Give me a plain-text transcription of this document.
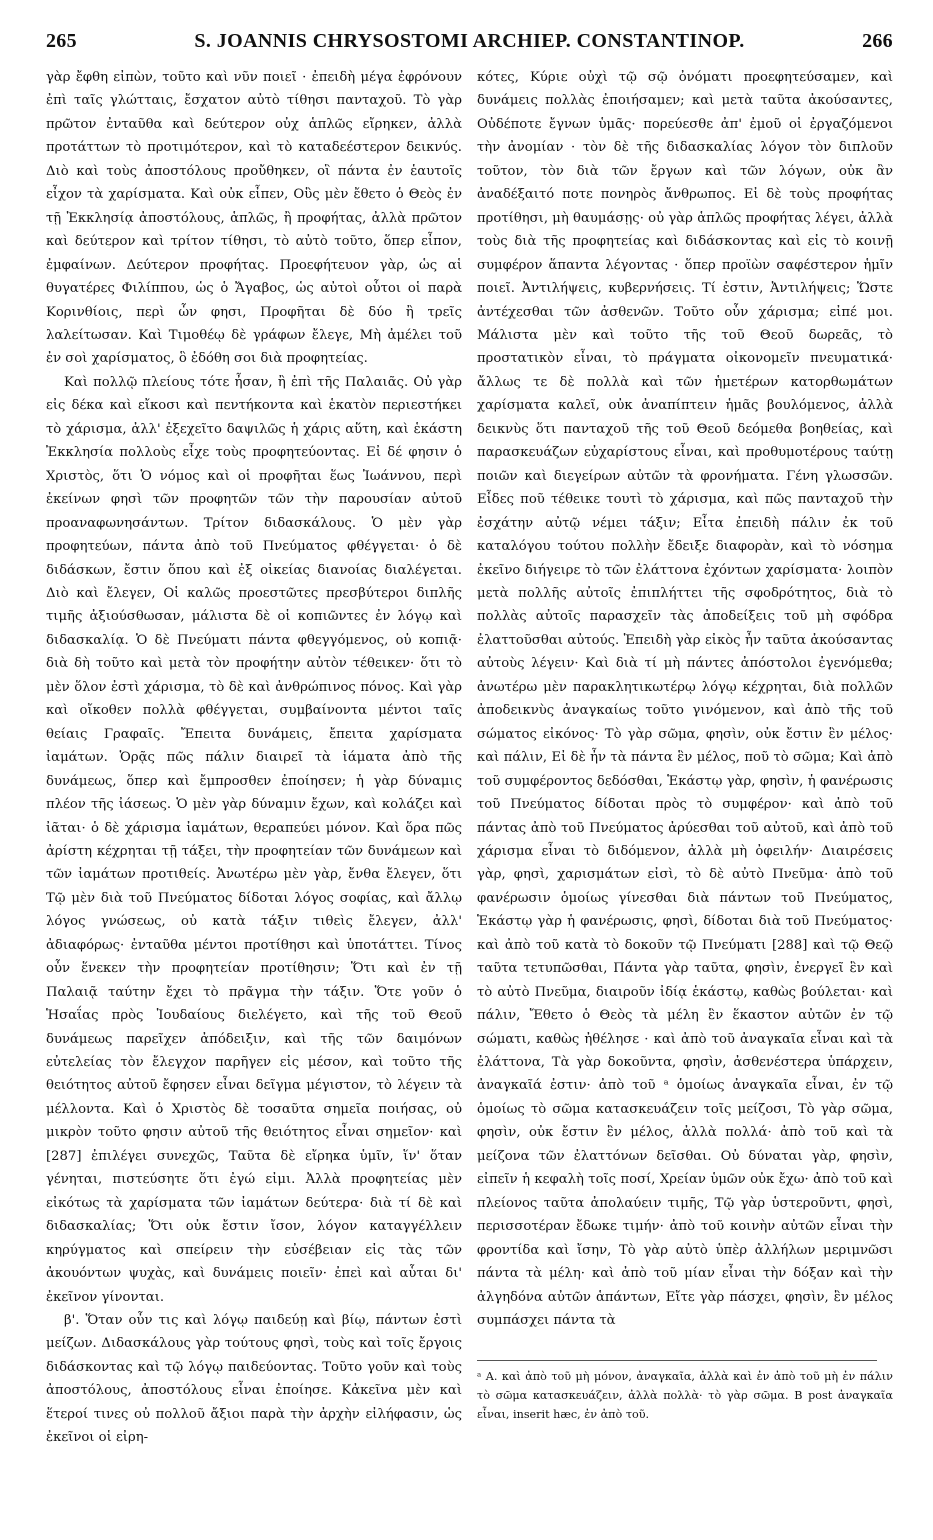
265	S. JOANNIS CHRYSOSTOMI ARCHIEP. CONSTANTINOP.	266

γὰρ ἔφθη εἰπὼν, τοῦτο καὶ νῦν ποιεῖ · ἐπειδὴ μέγα ἐφρόνουν ἐπὶ ταῖς γλώτταις, ἔσχατον αὐτὸ τίθησι πανταχοῦ. Τὸ γὰρ πρῶτον ἐνταῦθα καὶ δεύτερον οὐχ ἁπλῶς εἴρηκεν, ἀλλὰ προτάττων τὸ προτιμότερον, καὶ τὸ καταδεέστερον δεικνύς. Διὸ καὶ τοὺς ἀποστόλους προὔθηκεν, οἳ πάντα ἐν ἑαυτοῖς εἶχον τὰ χαρίσματα. Καὶ οὐκ εἶπεν, Οὓς μὲν ἔθετο ὁ Θεὸς ἐν τῇ Ἐκκλησίᾳ ἀποστόλους, ἁπλῶς, ἢ προφήτας, ἀλλὰ πρῶτον καὶ δεύτερον καὶ τρίτον τίθησι, τὸ αὐτὸ τοῦτο, ὅπερ εἶπον, ἐμφαίνων. Δεύτερον προφήτας. Προεφήτευον γὰρ, ὡς αἱ θυγατέρες Φιλίππου, ὡς ὁ Ἄγαβος, ὡς αὐτοὶ οὗτοι οἱ παρὰ Κορινθίοις, περὶ ὧν φησι, Προφῆται δὲ δύο ἢ τρεῖς λαλείτωσαν. Καὶ Τιμοθέῳ δὲ γράφων ἔλεγε, Μὴ ἀμέλει τοῦ ἐν σοὶ χαρίσματος, ὃ ἐδόθη σοι διὰ προφητείας.

Καὶ πολλῷ πλείους τότε ἦσαν, ἢ ἐπὶ τῆς Παλαιᾶς. Οὐ γὰρ εἰς δέκα καὶ εἴκοσι καὶ πεντήκοντα καὶ ἑκατὸν περιεστήκει τὸ χάρισμα, ἀλλ' ἐξεχεῖτο δαψιλῶς ἡ χάρις αὕτη, καὶ ἑκάστη Ἐκκλησία πολλοὺς εἶχε τοὺς προφητεύοντας. Εἰ δέ φησιν ὁ Χριστὸς, ὅτι Ὁ νόμος καὶ οἱ προφῆται ἕως Ἰωάννου, περὶ ἐκείνων φησὶ τῶν προφητῶν τῶν τὴν παρουσίαν αὐτοῦ προαναφωνησάντων. Τρίτον διδασκάλους. Ὁ μὲν γὰρ προφητεύων, πάντα ἀπὸ τοῦ Πνεύματος φθέγγεται· ὁ δὲ διδάσκων, ἔστιν ὅπου καὶ ἐξ οἰκείας διανοίας διαλέγεται. Διὸ καὶ ἔλεγεν, Οἱ καλῶς προεστῶτες πρεσβύτεροι διπλῆς τιμῆς ἀξιούσθωσαν, μάλιστα δὲ οἱ κοπιῶντες ἐν λόγῳ καὶ διδασκαλίᾳ. Ὁ δὲ Πνεύματι πάντα φθεγγόμενος, οὐ κοπιᾷ· διὰ δὴ τοῦτο καὶ μετὰ τὸν προφήτην αὐτὸν τέθεικεν· ὅτι τὸ μὲν ὅλον ἐστὶ χάρισμα, τὸ δὲ καὶ ἀνθρώπινος πόνος. Καὶ γὰρ καὶ οἴκοθεν πολλὰ φθέγγεται, συμβαίνοντα μέντοι ταῖς θείαις Γραφαῖς. Ἔπειτα δυνάμεις, ἔπειτα χαρίσματα ἰαμάτων. Ὁρᾷς πῶς πάλιν διαιρεῖ τὰ ἰάματα ἀπὸ τῆς δυνάμεως, ὅπερ καὶ ἔμπροσθεν ἐποίησεν; ἡ γὰρ δύναμις πλέον τῆς ἰάσεως. Ὁ μὲν γὰρ δύναμιν ἔχων, καὶ κολάζει καὶ ἰᾶται· ὁ δὲ χάρισμα ἰαμάτων, θεραπεύει μόνον. Καὶ ὅρα πῶς ἀρίστη κέχρηται τῇ τάξει, τὴν προφητείαν τῶν δυνάμεων καὶ τῶν ἰαμάτων προτιθείς. Ἀνωτέρω μὲν γὰρ, ἔνθα ἔλεγεν, ὅτι Τῷ μὲν διὰ τοῦ Πνεύματος δίδοται λόγος σοφίας, καὶ ἄλλῳ λόγος γνώσεως, οὐ κατὰ τάξιν τιθεὶς ἔλεγεν, ἀλλ' ἀδιαφόρως· ἐνταῦθα μέντοι προτίθησι καὶ ὑποτάττει. Τίνος οὖν ἕνεκεν τὴν προφητείαν προτίθησιν; Ὅτι καὶ ἐν τῇ Παλαιᾷ ταύτην ἔχει τὸ πρᾶγμα τὴν τάξιν. Ὅτε γοῦν ὁ Ἡσαΐας πρὸς Ἰουδαίους διελέγετο, καὶ τῆς τοῦ Θεοῦ δυνάμεως παρεῖχεν ἀπόδειξιν, καὶ τῆς τῶν δαιμόνων εὐτελείας τὸν ἔλεγχον παρῆγεν εἰς μέσον, καὶ τοῦτο τῆς θειότητος αὐτοῦ ἔφησεν εἶναι δεῖγμα μέγιστον, τὸ λέγειν τὰ μέλλοντα. Καὶ ὁ Χριστὸς δὲ τοσαῦτα σημεῖα ποιήσας, οὐ μικρὸν τοῦτο φησιν αὐτοῦ τῆς θειότητος εἶναι σημεῖον· καὶ [287] ἐπιλέγει συνεχῶς, Ταῦτα δὲ εἴρηκα ὑμῖν, ἵν' ὅταν γένηται, πιστεύσητε ὅτι ἐγώ εἰμι. Ἀλλὰ προφητείας μὲν εἰκότως τὰ χαρίσματα τῶν ἰαμάτων δεύτερα· διὰ τί δὲ καὶ διδασκαλίας; Ὅτι οὐκ ἔστιν ἴσον, λόγον καταγγέλλειν κηρύγματος καὶ σπείρειν τὴν εὐσέβειαν εἰς τὰς τῶν ἀκουόντων ψυχὰς, καὶ δυνάμεις ποιεῖν· ἐπεὶ καὶ αὗται δι' ἐκεῖνον γίνονται.

β'. Ὅταν οὖν τις καὶ λόγῳ παιδεύῃ καὶ βίῳ, πάντων ἐστὶ μείζων. Διδασκάλους γὰρ τούτους φησὶ, τοὺς καὶ τοῖς ἔργοις διδάσκοντας καὶ τῷ λόγῳ παιδεύοντας. Τοῦτο γοῦν καὶ τοὺς ἀποστόλους, ἀποστόλους εἶναι ἐποίησε. Κἀκεῖνα μὲν καὶ ἕτεροί τινες οὐ πολλοῦ ἄξιοι παρὰ τὴν ἀρχὴν εἰλήφασιν, ὡς ἐκεῖνοι οἱ εἰρη-

κότες, Κύριε οὐχὶ τῷ σῷ ὀνόματι προεφητεύσαμεν, καὶ δυνάμεις πολλὰς ἐποιήσαμεν; καὶ μετὰ ταῦτα ἀκούσαντες, Οὐδέποτε ἔγνων ὑμᾶς· πορεύεσθε ἀπ' ἐμοῦ οἱ ἐργαζόμενοι τὴν ἀνομίαν · τὸν δὲ τῆς διδασκαλίας λόγον τὸν διπλοῦν τοῦτον, τὸν διὰ τῶν ἔργων καὶ τῶν λόγων, οὐκ ἂν ἀναδέξαιτό ποτε πονηρὸς ἄνθρωπος. Εἰ δὲ τοὺς προφήτας προτίθησι, μὴ θαυμάσῃς· οὐ γὰρ ἁπλῶς προφήτας λέγει, ἀλλὰ τοὺς διὰ τῆς προφητείας καὶ διδάσκοντας καὶ εἰς τὸ κοινῇ συμφέρον ἅπαντα λέγοντας · ὅπερ προϊὼν σαφέστερον ἡμῖν ποιεῖ. Ἀντιλήψεις, κυβερνήσεις. Τί ἐστιν, Ἀντιλήψεις; Ὥστε ἀντέχεσθαι τῶν ἀσθενῶν. Τοῦτο οὖν χάρισμα; εἰπέ μοι. Μάλιστα μὲν καὶ τοῦτο τῆς τοῦ Θεοῦ δωρεᾶς, τὸ προστατικὸν εἶναι, τὸ πράγματα οἰκονομεῖν πνευματικά· ἄλλως τε δὲ πολλὰ καὶ τῶν ἡμετέρων κατορθωμάτων χαρίσματα καλεῖ, οὐκ ἀναπίπτειν ἡμᾶς βουλόμενος, ἀλλὰ δεικνὺς ὅτι πανταχοῦ τῆς τοῦ Θεοῦ δεόμεθα βοηθείας, καὶ παρασκευάζων εὐχαρίστους εἶναι, καὶ προθυμοτέρους ταύτῃ ποιῶν καὶ διεγείρων αὐτῶν τὰ φρονήματα. Γένη γλωσσῶν. Εἶδες ποῦ τέθεικε τουτὶ τὸ χάρισμα, καὶ πῶς πανταχοῦ τὴν ἐσχάτην αὐτῷ νέμει τάξιν; Εἶτα ἐπειδὴ πάλιν ἐκ τοῦ καταλόγου τούτου πολλὴν ἔδειξε διαφορὰν, καὶ τὸ νόσημα ἐκεῖνο διήγειρε τὸ τῶν ἐλάττονα ἐχόντων χαρίσματα· λοιπὸν μετὰ πολλῆς αὐτοῖς ἐπιπλήττει τῆς σφοδρότητος, διὰ τὸ πολλὰς αὐτοῖς παρασχεῖν τὰς ἀποδείξεις τοῦ μὴ σφόδρα ἐλαττοῦσθαι αὐτούς. Ἐπειδὴ γὰρ εἰκὸς ἦν ταῦτα ἀκούσαντας αὐτοὺς λέγειν· Καὶ διὰ τί μὴ πάντες ἀπόστολοι ἐγενόμεθα; ἀνωτέρω μὲν παρακλητικωτέρῳ λόγῳ κέχρηται, διὰ πολλῶν ἀποδεικνὺς ἀναγκαίως τοῦτο γινόμενον, καὶ ἀπὸ τῆς τοῦ σώματος εἰκόνος· Τὸ γὰρ σῶμα, φησὶν, οὐκ ἔστιν ἓν μέλος· καὶ πάλιν, Εἰ δὲ ἦν τὰ πάντα ἓν μέλος, ποῦ τὸ σῶμα; Καὶ ἀπὸ τοῦ συμφέροντος δεδόσθαι, Ἑκάστῳ γὰρ, φησὶν, ἡ φανέρωσις τοῦ Πνεύματος δίδοται πρὸς τὸ συμφέρον· καὶ ἀπὸ τοῦ πάντας ἀπὸ τοῦ Πνεύματος ἀρύεσθαι τοῦ αὐτοῦ, καὶ ἀπὸ τοῦ χάρισμα εἶναι τὸ διδόμενον, ἀλλὰ μὴ ὀφειλήν· Διαιρέσεις γὰρ, φησὶ, χαρισμάτων εἰσὶ, τὸ δὲ αὐτὸ Πνεῦμα· ἀπὸ τοῦ φανέρωσιν ὁμοίως γίνεσθαι διὰ πάντων τοῦ Πνεύματος, Ἑκάστῳ γὰρ ἡ φανέρωσις, φησὶ, δίδοται διὰ τοῦ Πνεύματος· καὶ ἀπὸ τοῦ κατὰ τὸ δοκοῦν τῷ Πνεύματι [288] καὶ τῷ Θεῷ ταῦτα τετυπῶσθαι, Πάντα γὰρ ταῦτα, φησὶν, ἐνεργεῖ ἓν καὶ τὸ αὐτὸ Πνεῦμα, διαιροῦν ἰδίᾳ ἑκάστῳ, καθὼς βούλεται· καὶ πάλιν, Ἔθετο ὁ Θεὸς τὰ μέλη ἓν ἕκαστον αὐτῶν ἐν τῷ σώματι, καθὼς ἠθέλησε · καὶ ἀπὸ τοῦ ἀναγκαῖα εἶναι καὶ τὰ ἐλάττονα, Τὰ γὰρ δοκοῦντα, φησὶν, ἀσθενέστερα ὑπάρχειν, ἀναγκαῖά ἐστιν· ἀπὸ τοῦ ᵃ ὁμοίως ἀναγκαῖα εἶναι, ἐν τῷ ὁμοίως τὸ σῶμα κατασκευάζειν τοῖς μείζοσι, Τὸ γὰρ σῶμα, φησὶν, οὐκ ἔστιν ἓν μέλος, ἀλλὰ πολλά· ἀπὸ τοῦ καὶ τὰ μείζονα τῶν ἐλαττόνων δεῖσθαι. Οὐ δύναται γὰρ, φησὶν, εἰπεῖν ἡ κεφαλὴ τοῖς ποσί, Χρείαν ὑμῶν οὐκ ἔχω· ἀπὸ τοῦ καὶ πλείονος ταῦτα ἀπολαύειν τιμῆς, Τῷ γὰρ ὑστεροῦντι, φησὶ, περισσοτέραν ἔδωκε τιμήν· ἀπὸ τοῦ κοινὴν αὐτῶν εἶναι τὴν φροντίδα καὶ ἴσην, Τὸ γὰρ αὐτὸ ὑπὲρ ἀλλήλων μεριμνῶσι πάντα τὰ μέλη· καὶ ἀπὸ τοῦ μίαν εἶναι τὴν δόξαν καὶ τὴν ἀλγηδόνα αὐτῶν ἁπάντων, Εἴτε γὰρ πάσχει, φησὶν, ἓν μέλος συμπάσχει πάντα τὰ

ᵃ A. καὶ ἀπὸ τοῦ μὴ μόνον, ἀναγκαῖα, ἀλλὰ καὶ ἐν ἀπὸ τοῦ μὴ ἐν πάλιν τὸ σῶμα κατασκευάζειν, ἀλλὰ πολλὰ· τὸ γὰρ σῶμα. B post ἀναγκαῖα εἶναι, inserit hæc, ἐν ἀπὸ τοῦ.
